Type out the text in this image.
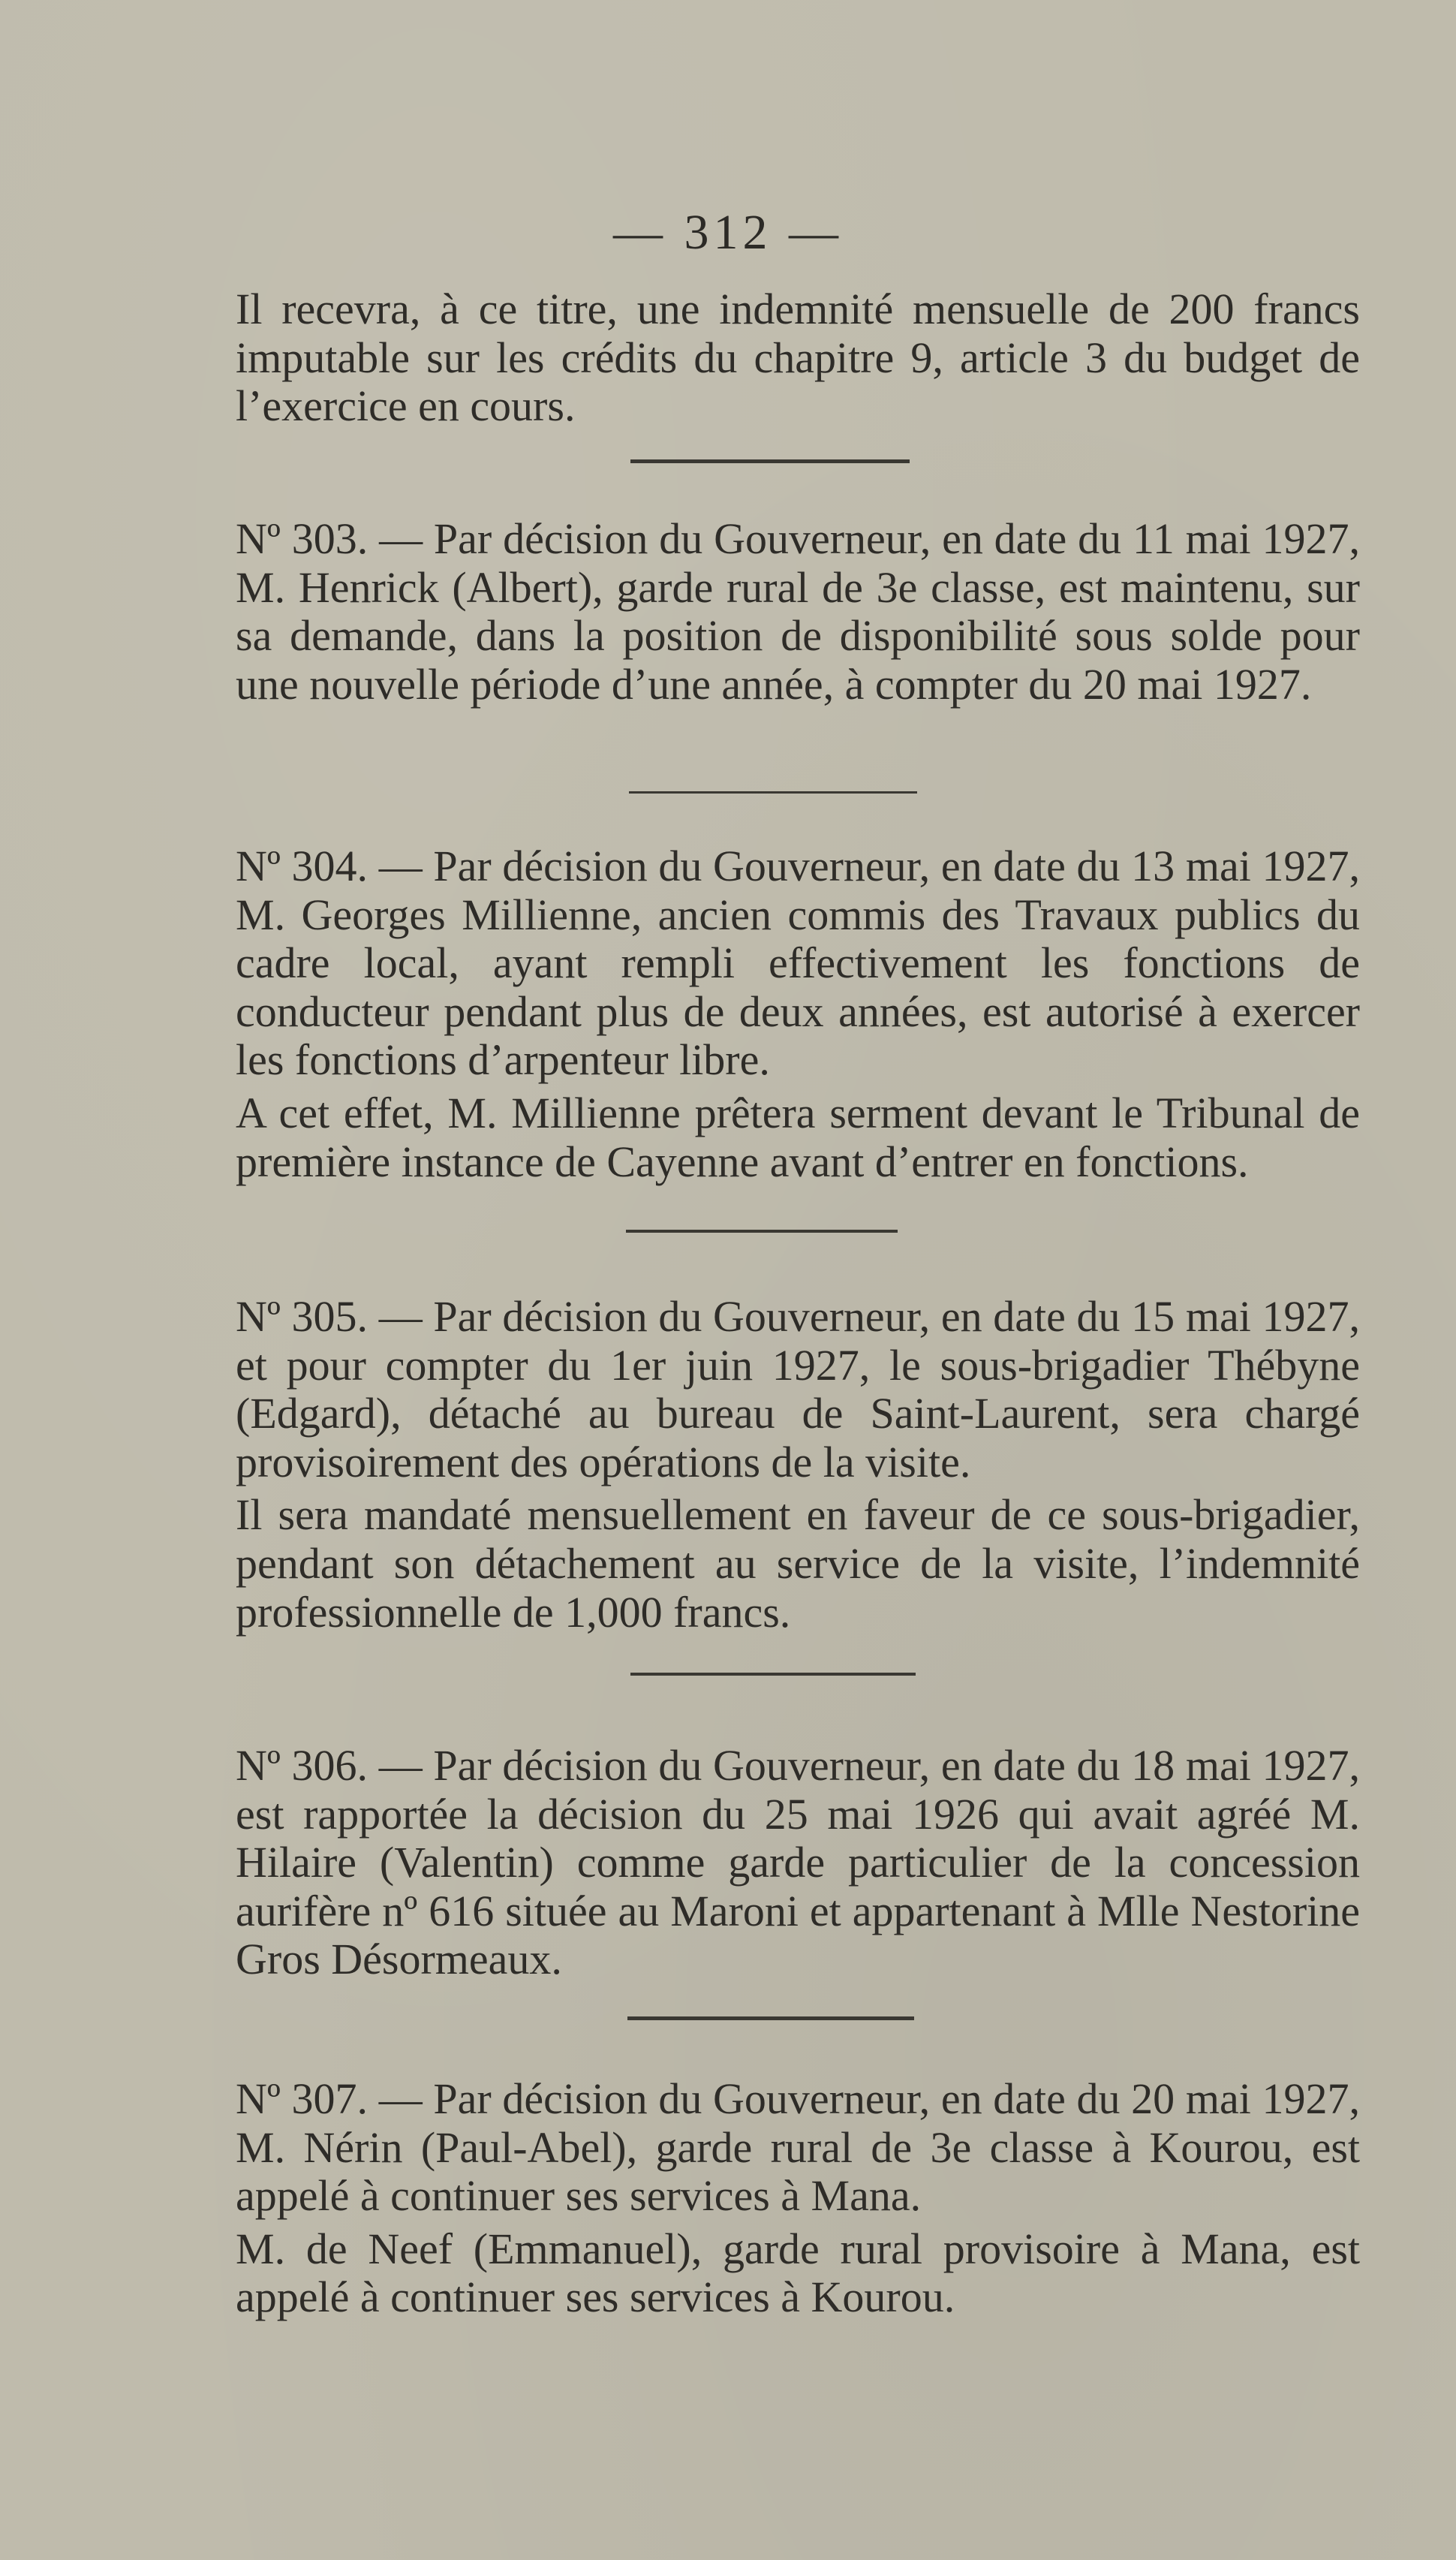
— 312 —

Il recevra, à ce titre, une indemnité mensuelle de 200 francs imputable sur les crédits du chapitre 9, article 3 du budget de l’exercice en cours.

Nº 303. — Par décision du Gouverneur, en date du 11 mai 1927, M. Henrick (Albert), garde rural de 3e classe, est maintenu, sur sa demande, dans la position de disponibilité sous solde pour une nouvelle période d’une année, à compter du 20 mai 1927.

Nº 304. — Par décision du Gouverneur, en date du 13 mai 1927, M. Georges Millienne, ancien commis des Travaux publics du cadre local, ayant rempli effectivement les fonctions de conducteur pendant plus de deux années, est autorisé à exercer les fonctions d’arpenteur libre.

A cet effet, M. Millienne prêtera serment devant le Tribunal de première instance de Cayenne avant d’entrer en fonctions.

Nº 305. — Par décision du Gouverneur, en date du 15 mai 1927, et pour compter du 1er juin 1927, le sous-brigadier Thébyne (Edgard), détaché au bureau de Saint-Laurent, sera chargé provisoirement des opérations de la visite.

Il sera mandaté mensuellement en faveur de ce sous-brigadier, pendant son détachement au service de la visite, l’indemnité professionnelle de 1,000 francs.

Nº 306. — Par décision du Gouverneur, en date du 18 mai 1927, est rapportée la décision du 25 mai 1926 qui avait agréé M. Hilaire (Valentin) comme garde particulier de la concession aurifère nº 616 située au Maroni et appartenant à Mlle Nestorine Gros Désormeaux.

Nº 307. — Par décision du Gouverneur, en date du 20 mai 1927, M. Nérin (Paul-Abel), garde rural de 3e classe à Kourou, est appelé à continuer ses services à Mana.

M. de Neef (Emmanuel), garde rural provisoire à Mana, est appelé à continuer ses services à Kourou.
